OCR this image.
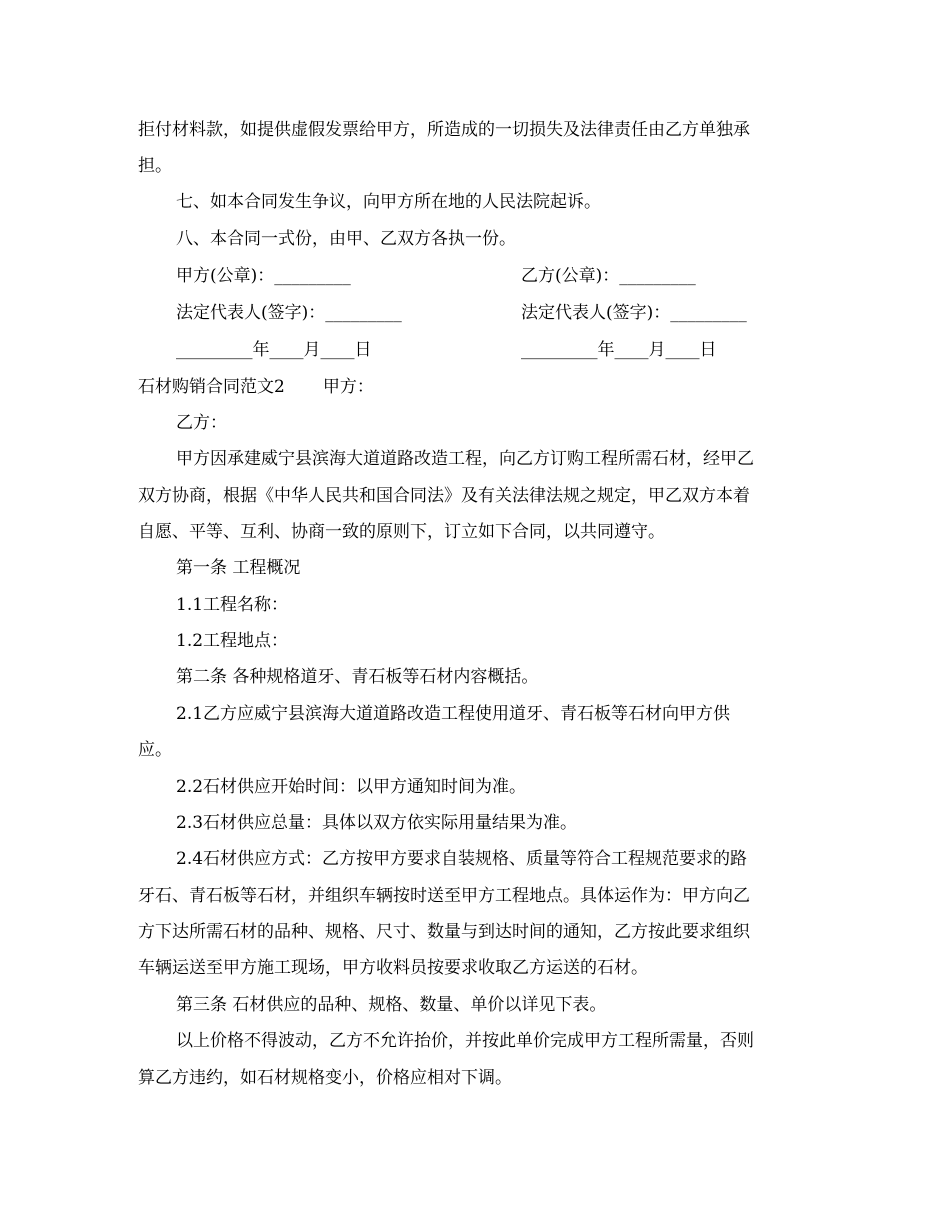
拒付材料款，如提供虚假发票给甲方，所造成的一切损失及法律责任由乙方单独承
担。
七、如本合同发生争议，向甲方所在地的人民法院起诉。
八、本合同一式份，由甲、乙双方各执一份。
甲方(公章)：_________	乙方(公章)：_________
法定代表人(签字)：_________	法定代表人(签字)：_________
_________年____月____日	_________年____月____日
石材购销合同范文2 甲方：
乙方：
甲方因承建威宁县滨海大道道路改造工程，向乙方订购工程所需石材，经甲乙
双方协商，根据《中华人民共和国合同法》及有关法律法规之规定，甲乙双方本着
自愿、平等、互利、协商一致的原则下，订立如下合同，以共同遵守。
第一条 工程概况
1.1工程名称：
1.2工程地点：
第二条 各种规格道牙、青石板等石材内容概括。
2.1乙方应威宁县滨海大道道路改造工程使用道牙、青石板等石材向甲方供
应。
2.2石材供应开始时间：以甲方通知时间为准。
2.3石材供应总量：具体以双方依实际用量结果为准。
2.4石材供应方式：乙方按甲方要求自装规格、质量等符合工程规范要求的路
牙石、青石板等石材，并组织车辆按时送至甲方工程地点。具体运作为：甲方向乙
方下达所需石材的品种、规格、尺寸、数量与到达时间的通知，乙方按此要求组织
车辆运送至甲方施工现场，甲方收料员按要求收取乙方运送的石材。
第三条 石材供应的品种、规格、数量、单价以详见下表。
以上价格不得波动，乙方不允许抬价，并按此单价完成甲方工程所需量，否则
算乙方违约，如石材规格变小，价格应相对下调。
